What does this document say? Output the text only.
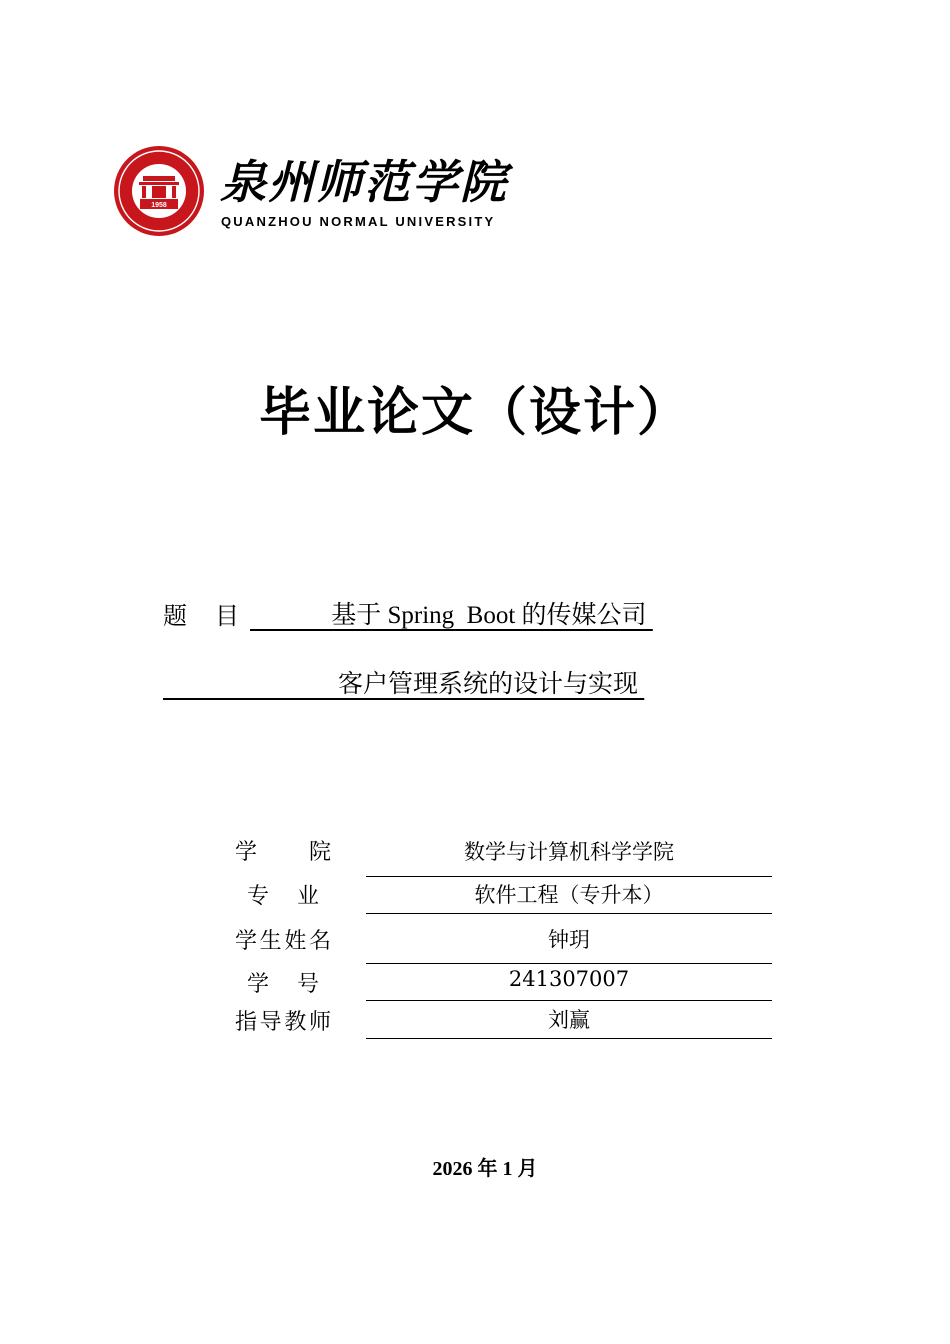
1958 泉州师范学院
QUANZHOU NORMAL UNIVERSITY
毕业论文（设计）
题　目 　　　 基于 Spring  Boot 的传媒公司
　　　　　　　客户管理系统的设计与实现
学　　院	数学与计算机科学学院
专　业	软件工程（专升本）
学生姓名	钟玥
学　号	241307007
指导教师	刘赢
2026 年 1 月
